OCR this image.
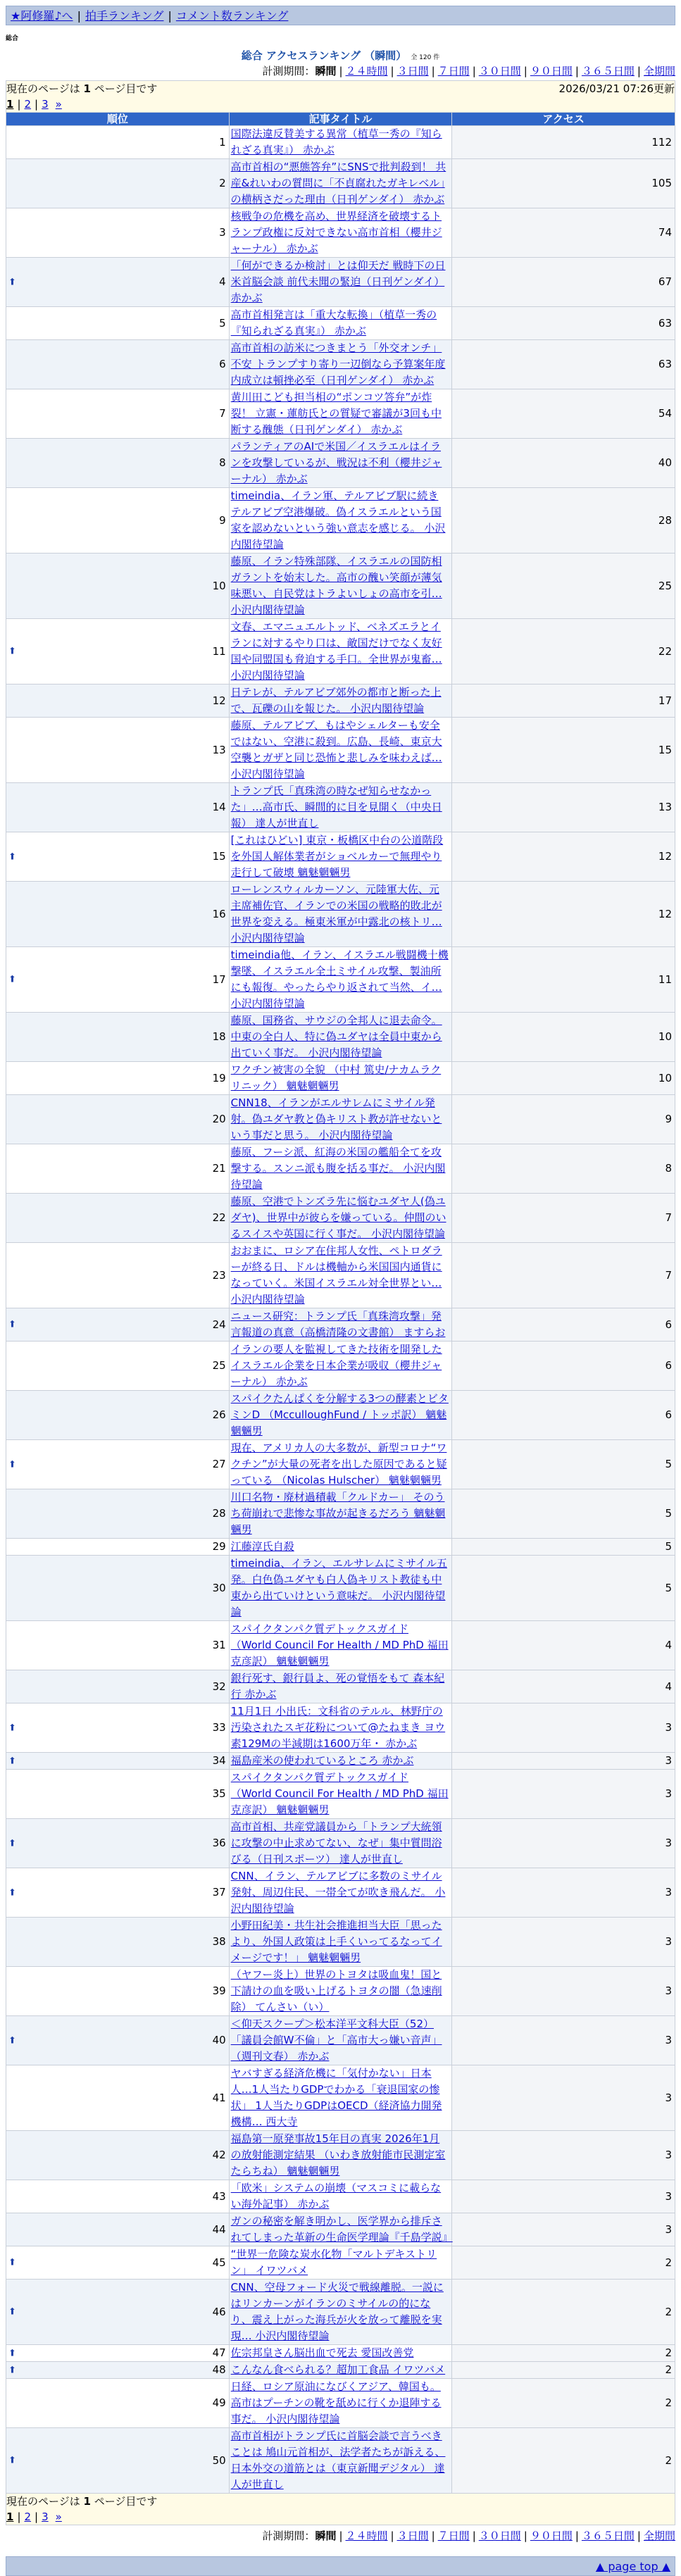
★阿修羅♪へ | 拍手ランキング | コメント数ランキング
総合
総合 アクセスランキング （瞬間） 全 120 件
計測期間：瞬間 | ２４時間 | ３日間 | ７日間 | ３０日間 | ９０日間 | ３６５日間 | 全期間
現在のページは 1 ページ目です 2026/03/21 07:26更新
1 | 2 | 3 »		

順位	記事タイトル	アクセス
1	国際法違反賛美する異常（植草一秀の『知られざる真実』） 赤かぶ	112
2	高市首相の“悪態答弁”にSNSで批判殺到！ 共産&れいわの質問に「不貞腐れたガキレベル」の横柄さだった理由（日刊ゲンダイ） 赤かぶ	105
3	核戦争の危機を高め、世界経済を破壊するトランプ政権に反対できない高市首相（櫻井ジャーナル） 赤かぶ	74

⬆ 4	「何ができるか検討」とは仰天だ 戦時下の日米首脳会談 前代未聞の緊迫（日刊ゲンダイ） 赤かぶ	67
5	高市首相発言は「重大な転換」（植草一秀の『知られざる真実』） 赤かぶ	63
6	高市首相の訪米につきまとう「外交オンチ」不安 トランプすり寄り一辺倒なら予算案年度内成立は頓挫必至（日刊ゲンダイ） 赤かぶ	63
7	黄川田こども担当相の“ポンコツ答弁”が炸裂！ 立憲・蓮舫氏との質疑で審議が3回も中断する醜態（日刊ゲンダイ） 赤かぶ	54
8	パランティアのAIで米国／イスラエルはイランを攻撃しているが、戦況は不利（櫻井ジャーナル） 赤かぶ	40
9	timeindia、イラン軍、テルアビブ駅に続きテルアビブ空港爆破。偽イスラエルという国家を認めないという強い意志を感じる。 小沢内閣待望論	28
10	藤原、イラン特殊部隊、イスラエルの国防相ガラントを始末した。高市の醜い笑顔が薄気味悪い、自民党はトラよいしょの高市を引… 小沢内閣待望論	25

⬆ 11	文春、エマニュエルトッド、ベネズエラとイランに対するやり口は、敵国だけでなく友好国や同盟国も脅迫する手口。全世界が鬼畜… 小沢内閣待望論	22
12	日テレが、テルアビブ郊外の都市と断った上で、瓦礫の山を報じた。 小沢内閣待望論	17
13	藤原、テルアビブ、もはやシェルターも安全ではない、空港に殺到。広島、長崎、東京大空襲とガザと同じ恐怖と悲しみを味わえば… 小沢内閣待望論	15
14	トランプ氏「真珠湾の時なぜ知らせなかった」…高市氏、瞬間的に目を見開く（中央日報） 達人が世直し	13

⬆ 15	[これはひどい] 東京・板橋区中台の公道階段を外国人解体業者がショベルカーで無理やり走行して破壊 魑魅魍魎男	12
16	ローレンスウィルカーソン、元陸軍大佐、元主席補佐官、イランでの米国の戦略的敗北が世界を変える。極東米軍が中露北の核トリ… 小沢内閣待望論	12

⬆ 17	timeindia他、イラン、イスラエル戦闘機十機撃墜、イスラエル全土ミサイル攻撃、製油所にも報復。やったらやり返されて当然、イ… 小沢内閣待望論	11
18	藤原、国務省、サウジの全邦人に退去命令。中東の全白人、特に偽ユダヤは全員中東から出ていく事だ。 小沢内閣待望論	10
19	ワクチン被害の全貌 （中村 篤史/ナカムラクリニック） 魑魅魍魎男	10
20	CNN18、イランがエルサレムにミサイル発射。偽ユダヤ教と偽キリスト教が許せないという事だと思う。 小沢内閣待望論	9
21	藤原、フーシ派、紅海の米国の艦船全てを攻撃する。スンニ派も腹を括る事だ。 小沢内閣待望論	8
22	藤原、空港でトンズラ先に悩むユダヤ人(偽ユダヤ)、世界中が彼らを嫌っている。仲間のいるスイスや英国に行く事だ。 小沢内閣待望論	7
23	おおまに、ロシア在住邦人女性、ペトロダラーが終る日、ドルは機軸から米国国内通貨になっていく。米国イスラエル対全世界とい… 小沢内閣待望論	7

⬆ 24	ニュース研究：トランプ氏「真珠湾攻撃」発言報道の真意（高橋清隆の文書館） ますらお	6
25	イランの要人を監視してきた技術を開発したイスラエル企業を日本企業が吸収（櫻井ジャーナル） 赤かぶ	6
26	スパイクたんぱくを分解する3つの酵素とビタミンD （McculloughFund / トッポ訳） 魑魅魍魎男	6

⬆ 27	現在、アメリカ人の大多数が、新型コロナ“ワクチン”が大量の死者を出した原因であると疑っている （Nicolas Hulscher） 魑魅魍魎男	5
28	川口名物・廃材過積載「クルドカー」 そのうち荷崩れで悲惨な事故が起きるだろう 魑魅魍魎男	5
29	江藤淳氏自殺	5
30	timeindia、イラン、エルサレムにミサイル五発。白色偽ユダヤも白人偽キリスト教徒も中東から出ていけという意味だ。 小沢内閣待望論	5
31	スパイクタンパク質デトックスガイド （World Council For Health / MD PhD 福田克彦訳） 魑魅魍魎男	4
32	銀行死す、銀行員よ、死の覚悟をもて 森本紀行 赤かぶ	4

⬆ 33	11月1日 小出氏：文科省のテルル、林野庁の汚染されたスギ花粉について@たねまき ヨウ素129Mの半減期は1600万年・ 赤かぶ	3

⬆ 34	福島産米の使われているところ 赤かぶ	3
35	スパイクタンパク質デトックスガイド （World Council For Health / MD PhD 福田克彦訳） 魑魅魍魎男	3

⬆ 36	高市首相、共産党議員から「トランプ大統領に攻撃の中止求めてない、なぜ」集中質問浴びる（日刊スポーツ） 達人が世直し	3

⬆ 37	CNN、イラン、テルアビブに多数のミサイル発射、周辺住民、一帯全てが吹き飛んだ。 小沢内閣待望論	3
38	小野田紀美・共生社会推進担当大臣「思ったより、外国人政策は上手くいってるなってイメージです！」 魑魅魍魎男	3
39	（ヤフー炎上）世界のトヨタは吸血鬼！国と下請けの血を吸い上げるトヨタの闇（急速削除） てんさい（い）	3

⬆ 40	＜仰天スクープ＞松本洋平文科大臣（52）「議員会館W不倫」と「高市大っ嫌い音声」（週刊文春） 赤かぶ	3
41	ヤバすぎる経済危機に「気付かない」日本人…1人当たりGDPでわかる「衰退国家の惨状」 1人当たりGDPはOECD（経済協力開発機構… 西大寺	3
42	福島第一原発事故15年目の真実 2026年1月の放射能測定結果 （いわき放射能市民測定室 たらちね） 魑魅魍魎男	3
43	「欧米」システムの崩壊（マスコミに載らない海外記事） 赤かぶ	3
44	ガンの秘密を解き明かし、医学界から排斥されてしまった革新の生命医学理論『千島学説』	3

⬆ 45	“世界一危険な炭水化物「マルトデキストリン」 イワツバメ	2

⬆ 46	CNN、空母フォード火災で戦線離脱。一説にはリンカーンがイランのミサイルの的になり、震え上がった海兵が火を放って離脱を実現… 小沢内閣待望論	2

⬆ 47	佐宗邦皇さん脳出血で死去 愛国改善党	2

⬆ 48	こんなん食べられる？超加工食品 イワツバメ	2
49	日経、ロシア原油になびくアジア、韓国も。高市はプーチンの靴を舐めに行くか退陣する事だ。 小沢内閣待望論	2

⬆ 50	高市首相がトランプ氏に首脳会談で言うべきことは 鳩山元首相が、法学者たちが訴える、日本外交の道筋とは（東京新聞デジタル） 達人が世直し	2

現在のページは 1 ページ目です
1 | 2 | 3 »		
計測期間：瞬間 | ２４時間 | ３日間 | ７日間 | ３０日間 | ９０日間 | ３６５日間 | 全期間
▲ page top ▲
